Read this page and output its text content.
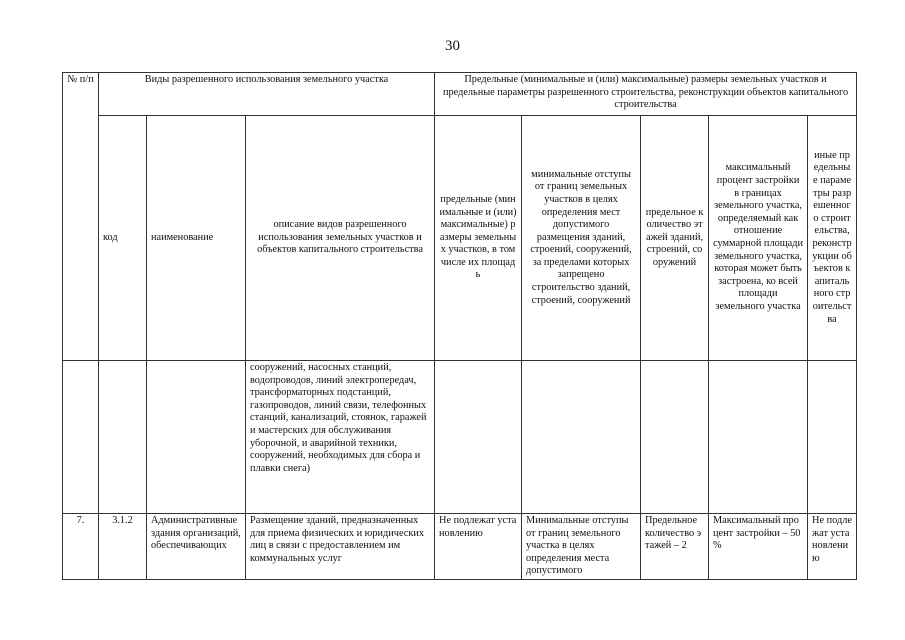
30
№ п/п	Виды разрешенного использования земельного участка			Предельные (минимальные и (или) максимальные) размеры земельных участков и предельные параметры разрешенного строительства, реконструкции объектов капитального строительства				
	код	наименование	описание видов разрешенного использования земельных участков и объектов капитального строительства	предельные (минимальные и (или) максимальные) размеры земельных участков, в том числе их площадь	минимальные отступы от границ земельных участков в целях определения мест допустимого размещения зданий, строений, сооружений, за пределами которых запрещено строительство зданий, строений, сооружений	предельное количество этажей зданий, строений, сооружений	максимальный процент застройки в границах земельного участка, определяемый как отношение суммарной площади земельного участка, которая может быть застроена, ко всей площади земельного участка	иные предельные параметры разрешенного строительства, реконструкции объектов капитального строительства
			сооружений, насосных станций, водопроводов, линий электропередач, трансформаторных подстанций, газопроводов, линий связи, телефонных станций, канализаций, стоянок, гаражей и мастерских для обслуживания уборочной, и аварийной техники, сооружений, необходимых для сбора и плавки снега)					
7.	3.1.2	Административные здания организаций, обеспечивающих	Размещение зданий, предназначенных для приема физических и юридических лиц в связи с предоставлением им коммунальных услуг	Не подлежат установлению	Минимальные отступы от границ земельного участка в целях определения места допустимого	Предельное количество этажей – 2	Максимальный процент застройки – 50 %	Не подлежат установлению
